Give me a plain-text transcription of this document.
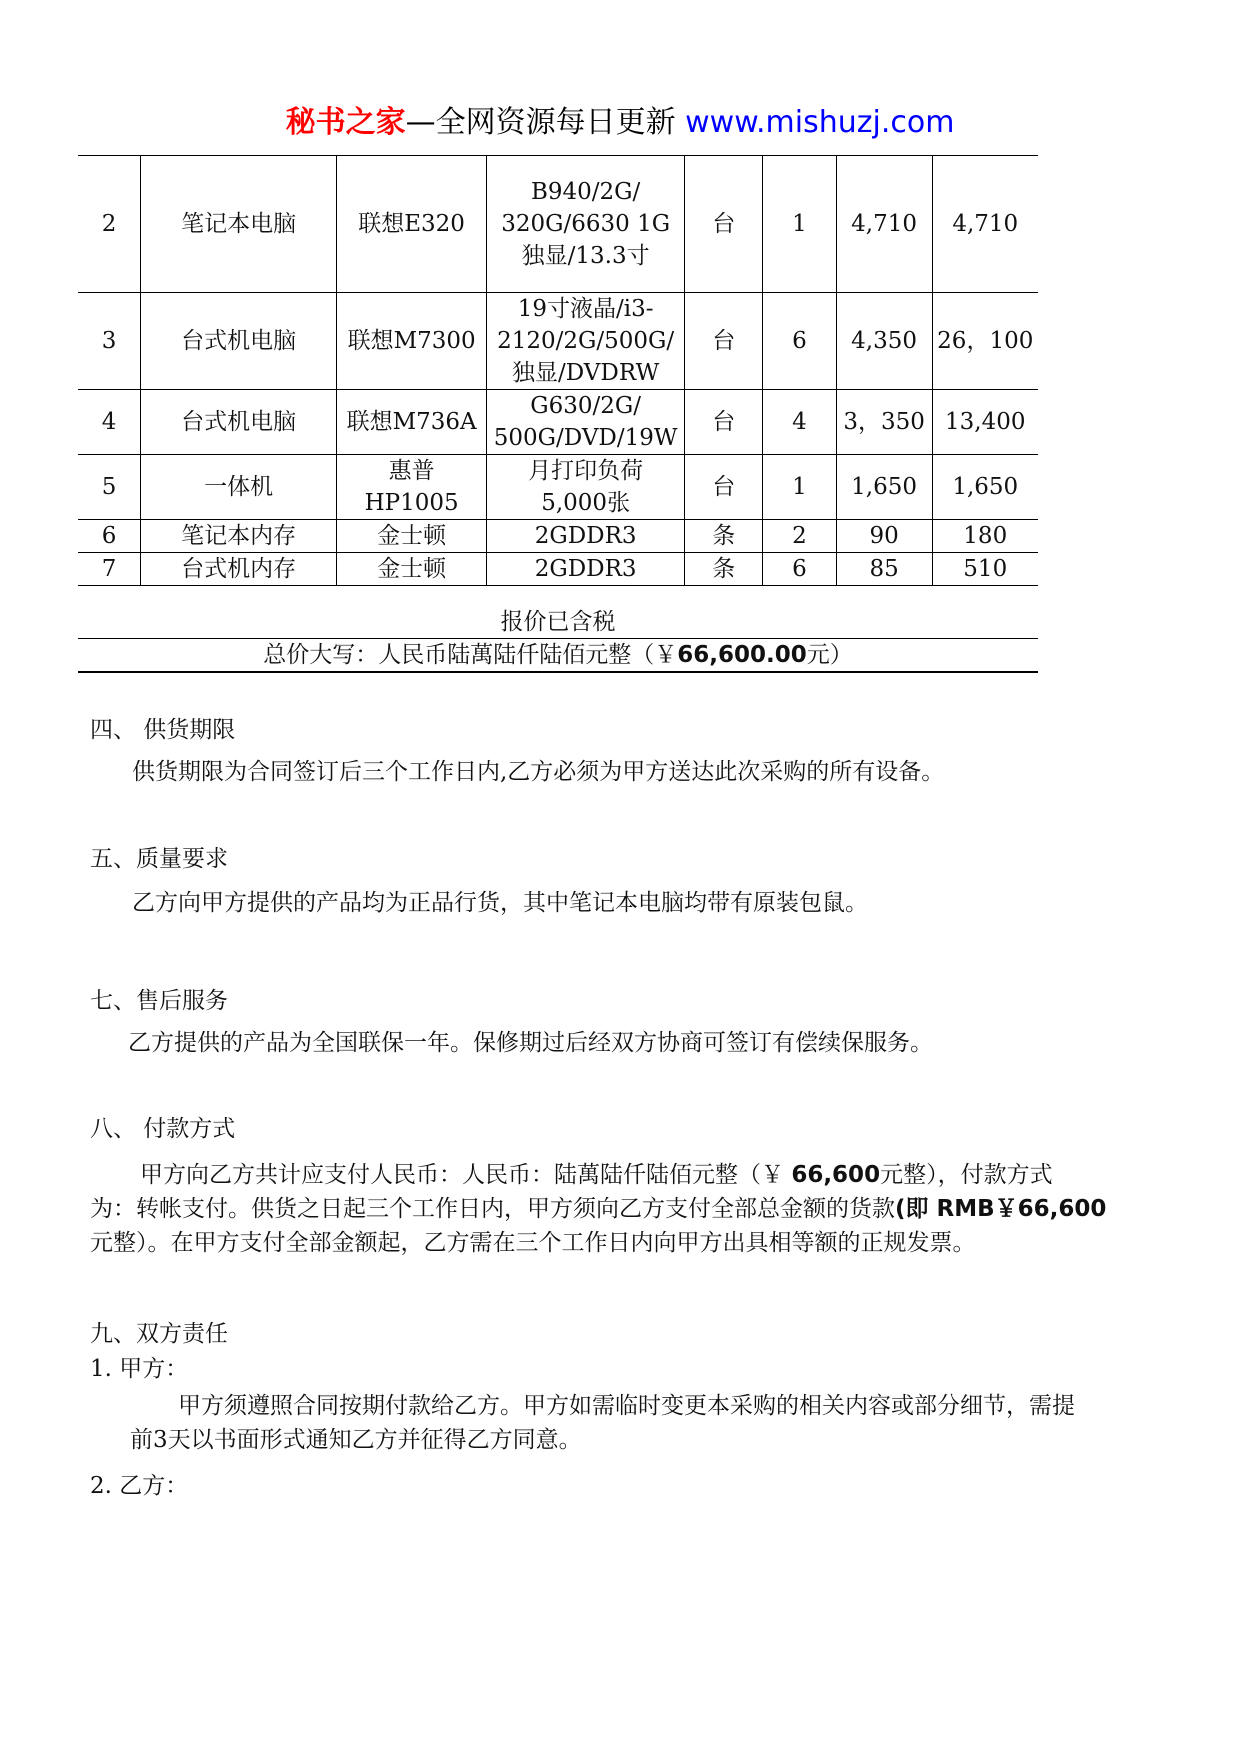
秘书之家—全网资源每日更新 www.mishuzj.com
2	笔记本电脑	联想E320	B940/2G/
320G/6630 1G
独显/13.3寸	台	1	4,710	4,710
3	台式机电脑	联想M7300	19寸液晶/i3-
2120/2G/500G/
独显/DVDRW	台	6	4,350	26，100
4	台式机电脑	联想M736A	G630/2G/
500G/DVD/19W	台	4	3，350	13,400
5	一体机	惠普 HP1005	月打印负荷
5,000张	台	1	1,650	1,650
6	笔记本内存	金士顿	2GDDR3	条	2	90	180
7	台式机内存	金士顿	2GDDR3	条	6	85	510
报价已含税
总价大写：人民币陆萬陆仟陆佰元整（￥66,600.00元）
四、 供货期限
供货期限为合同签订后三个工作日内,乙方必须为甲方送达此次采购的所有设备。
五、质量要求
乙方向甲方提供的产品均为正品行货，其中笔记本电脑均带有原装包鼠。
七、售后服务
乙方提供的产品为全国联保一年。保修期过后经双方协商可签订有偿续保服务。
八、 付款方式
甲方向乙方共计应支付人民币：人民币：陆萬陆仟陆佰元整（￥ 66,600元整），付款方式
为：转帐支付。供货之日起三个工作日内，甲方须向乙方支付全部总金额的货款(即 RMB￥66,600
元整）。在甲方支付全部金额起，乙方需在三个工作日内向甲方出具相等额的正规发票。
九、双方责任
1. 甲方：
甲方须遵照合同按期付款给乙方。甲方如需临时变更本采购的相关内容或部分细节，需提
前3天以书面形式通知乙方并征得乙方同意。
2. 乙方：
